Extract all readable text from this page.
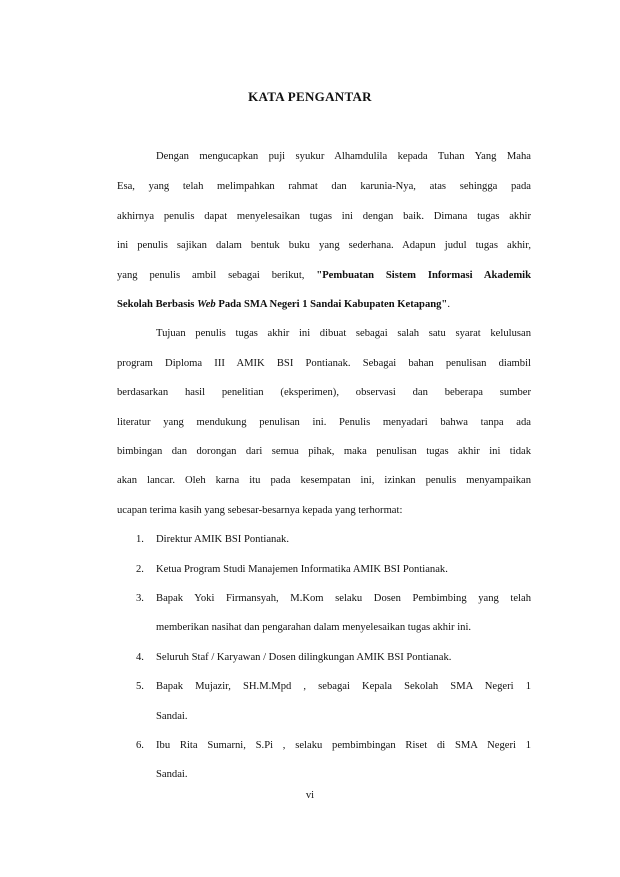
KATA PENGANTAR
Dengan mengucapkan puji syukur Alhamdulila kepada Tuhan Yang Maha
Esa, yang telah melimpahkan rahmat dan karunia-Nya, atas sehingga pada
akhirnya penulis dapat menyelesaikan tugas ini dengan baik. Dimana tugas akhir
ini penulis sajikan dalam bentuk buku yang sederhana. Adapun judul tugas akhir,
yang penulis ambil sebagai berikut, "Pembuatan Sistem Informasi Akademik
Sekolah Berbasis Web Pada SMA Negeri 1 Sandai Kabupaten Ketapang".
Tujuan penulis tugas akhir ini dibuat sebagai salah satu syarat kelulusan
program Diploma III AMIK BSI Pontianak. Sebagai bahan penulisan diambil
berdasarkan hasil penelitian (eksperimen), observasi dan beberapa sumber
literatur yang mendukung penulisan ini. Penulis menyadari bahwa tanpa ada
bimbingan dan dorongan dari semua pihak, maka penulisan tugas akhir ini tidak
akan lancar. Oleh karna itu pada kesempatan ini, izinkan penulis menyampaikan
ucapan terima kasih yang sebesar-besarnya kepada yang terhormat:
1. Direktur AMIK BSI Pontianak.
2. Ketua Program Studi Manajemen Informatika AMIK BSI Pontianak.
3. Bapak Yoki Firmansyah, M.Kom selaku Dosen Pembimbing yang telah
memberikan nasihat dan pengarahan dalam menyelesaikan tugas akhir ini.
4. Seluruh Staf / Karyawan / Dosen dilingkungan AMIK BSI Pontianak.
5. Bapak Mujazir, SH.M.Mpd , sebagai Kepala Sekolah SMA Negeri 1
Sandai.
6. Ibu Rita Sumarni, S.Pi , selaku pembimbingan Riset di SMA Negeri 1
Sandai.
vi
